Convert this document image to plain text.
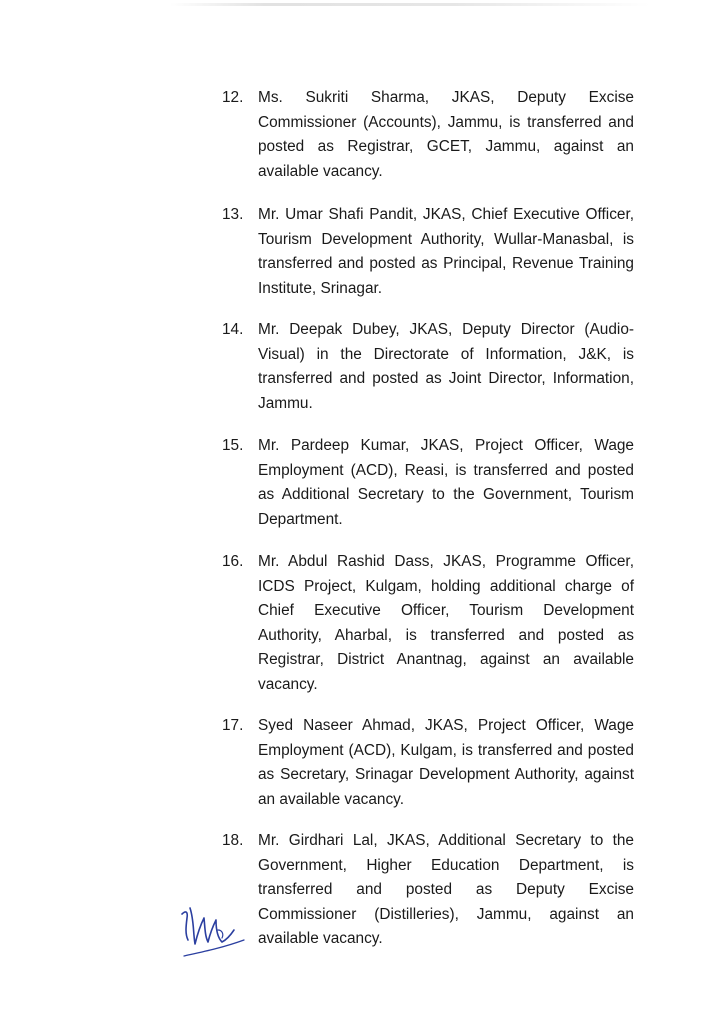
12. Ms. Sukriti Sharma, JKAS, Deputy Excise Commissioner (Accounts), Jammu, is transferred and posted as Registrar, GCET, Jammu, against an available vacancy.
13. Mr. Umar Shafi Pandit, JKAS, Chief Executive Officer, Tourism Development Authority, Wullar-Manasbal, is transferred and posted as Principal, Revenue Training Institute, Srinagar.
14. Mr. Deepak Dubey, JKAS, Deputy Director (Audio-Visual) in the Directorate of Information, J&K, is transferred and posted as Joint Director, Information, Jammu.
15. Mr. Pardeep Kumar, JKAS, Project Officer, Wage Employment (ACD), Reasi, is transferred and posted as Additional Secretary to the Government, Tourism Department.
16. Mr. Abdul Rashid Dass, JKAS, Programme Officer, ICDS Project, Kulgam, holding additional charge of Chief Executive Officer, Tourism Development Authority, Aharbal, is transferred and posted as Registrar, District Anantnag, against an available vacancy.
17. Syed Naseer Ahmad, JKAS, Project Officer, Wage Employment (ACD), Kulgam, is transferred and posted as Secretary, Srinagar Development Authority, against an available vacancy.
18. Mr. Girdhari Lal, JKAS, Additional Secretary to the Government, Higher Education Department, is transferred and posted as Deputy Excise Commissioner (Distilleries), Jammu, against an available vacancy.
